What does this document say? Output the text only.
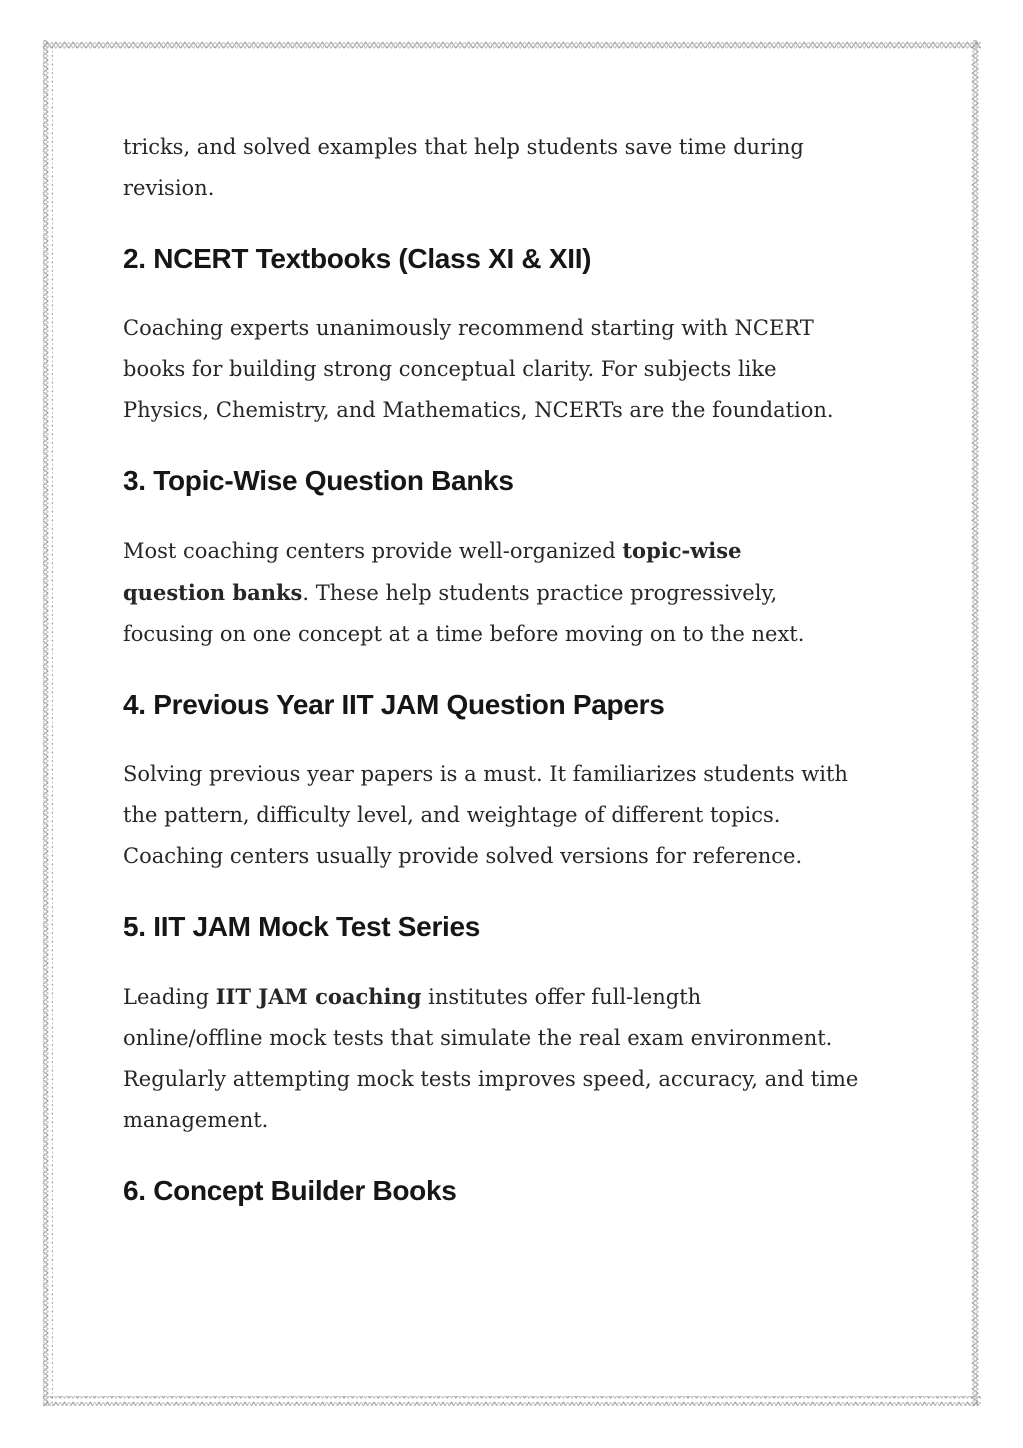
tricks, and solved examples that help students save time during
revision.

2. NCERT Textbooks (Class XI & XII)

Coaching experts unanimously recommend starting with NCERT
books for building strong conceptual clarity. For subjects like
Physics, Chemistry, and Mathematics, NCERTs are the foundation.

3. Topic-Wise Question Banks

Most coaching centers provide well-organized topic-wise
question banks. These help students practice progressively,
focusing on one concept at a time before moving on to the next.

4. Previous Year IIT JAM Question Papers

Solving previous year papers is a must. It familiarizes students with
the pattern, difficulty level, and weightage of different topics.
Coaching centers usually provide solved versions for reference.

5. IIT JAM Mock Test Series

Leading IIT JAM coaching institutes offer full-length
online/offline mock tests that simulate the real exam environment.
Regularly attempting mock tests improves speed, accuracy, and time
management.

6. Concept Builder Books
